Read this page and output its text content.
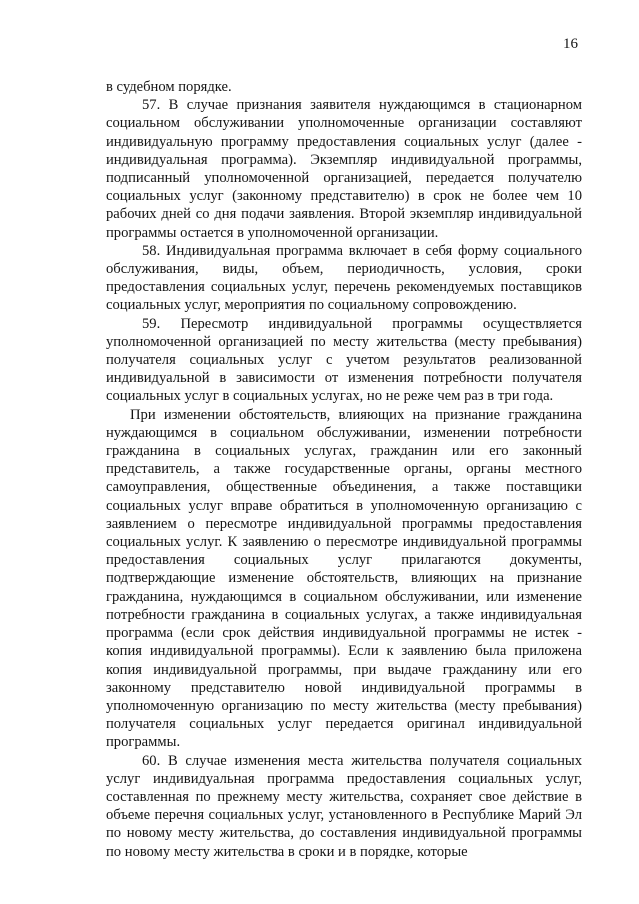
16

в судебном порядке.

57. В случае признания заявителя нуждающимся в стационарном социальном обслуживании уполномоченные организации составляют индивидуальную программу предоставления социальных услуг (далее - индивидуальная программа). Экземпляр индивидуальной программы, подписанный уполномоченной организацией, передается получателю социальных услуг (законному представителю) в срок не более чем 10 рабочих дней со дня подачи заявления. Второй экземпляр индивидуальной программы остается в уполномоченной организации.

58. Индивидуальная программа включает в себя форму социального обслуживания, виды, объем, периодичность, условия, сроки предоставления социальных услуг, перечень рекомендуемых поставщиков социальных услуг, мероприятия по социальному сопровождению.

59. Пересмотр индивидуальной программы осуществляется уполномоченной организацией по месту жительства (месту пребывания) получателя социальных услуг с учетом результатов реализованной индивидуальной в зависимости от изменения потребности получателя социальных услуг в социальных услугах, но не реже чем раз в три года.

При изменении обстоятельств, влияющих на признание гражданина нуждающимся в социальном обслуживании, изменении потребности гражданина в социальных услугах, гражданин или его законный представитель, а также государственные органы, органы местного самоуправления, общественные объединения, а также поставщики социальных услуг вправе обратиться в уполномоченную организацию с заявлением о пересмотре индивидуальной программы предоставления социальных услуг. К заявлению о пересмотре индивидуальной программы предоставления социальных услуг прилагаются документы, подтверждающие изменение обстоятельств, влияющих на признание гражданина, нуждающимся в социальном обслуживании, или изменение потребности гражданина в социальных услугах, а также индивидуальная программа (если срок действия индивидуальной программы не истек - копия индивидуальной программы). Если к заявлению была приложена копия индивидуальной программы, при выдаче гражданину или его законному представителю новой индивидуальной программы в уполномоченную организацию по месту жительства (месту пребывания) получателя социальных услуг передается оригинал индивидуальной программы.

60. В случае изменения места жительства получателя социальных услуг индивидуальная программа предоставления социальных услуг, составленная по прежнему месту жительства, сохраняет свое действие в объеме перечня социальных услуг, установленного в Республике Марий Эл по новому месту жительства, до составления индивидуальной программы по новому месту жительства в сроки и в порядке, которые
